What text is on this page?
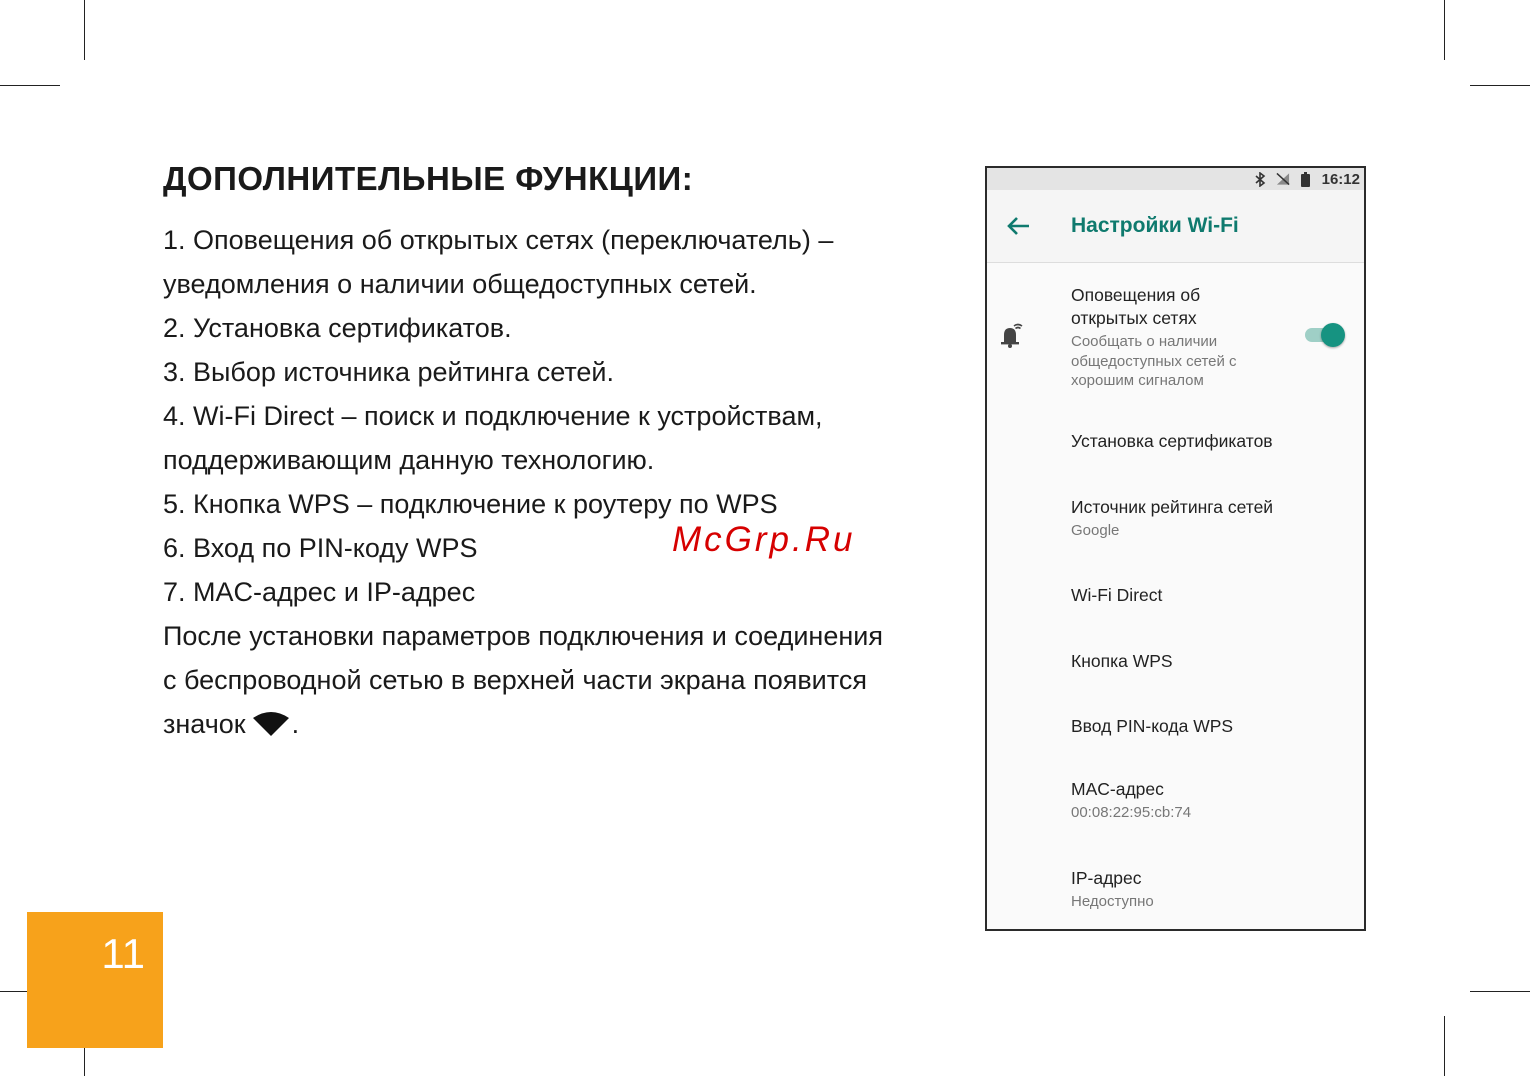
ДОПОЛНИТЕЛЬНЫЕ ФУНКЦИИ:
1. Оповещения об открытых сетях (переключатель) –
уведомления о наличии общедоступных сетей.
2. Установка сертификатов.
3. Выбор источника рейтинга сетей.
4. Wi-Fi Direct – поиск и подключение к устройствам,
поддерживающим данную технологию.
5. Кнопка WPS – подключение к роутеру по WPS
6. Вход по PIN-коду WPS
7. MAC-адрес и IP-адрес
После установки параметров подключения и соединения
с беспроводной сетью в верхней части экрана появится
значок .
McGrp.Ru
11
16:12
Настройки Wi-Fi
Оповещения об открытых сетях
Сообщать о наличии общедоступных сетей с хорошим сигналом
Установка сертификатов
Источник рейтинга сетей
Google
Wi-Fi Direct
Кнопка WPS
Ввод PIN-кода WPS
MAC-адрес
00:08:22:95:cb:74
IP-адрес
Недоступно
